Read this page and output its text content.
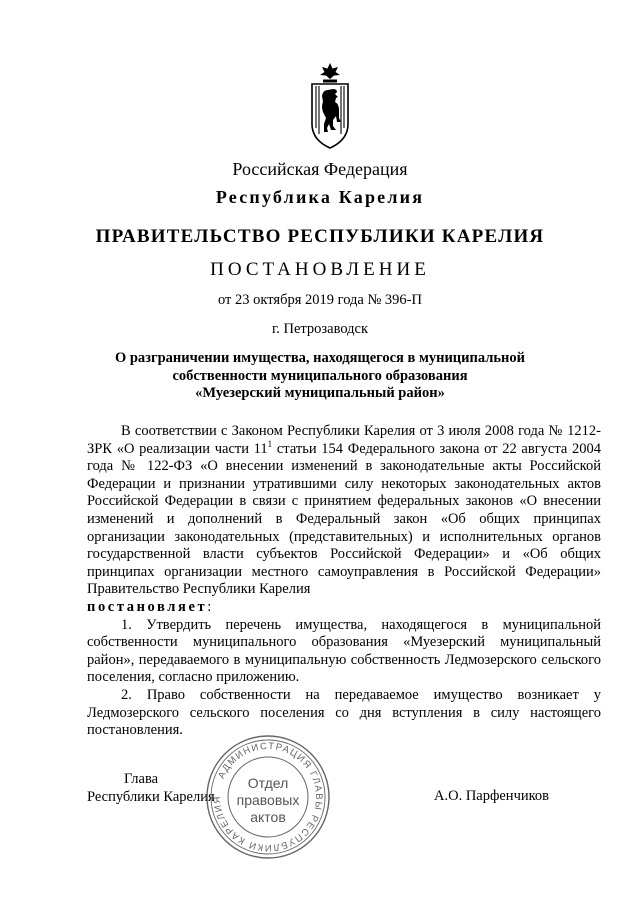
Российская Федерация
Республика Карелия
ПРАВИТЕЛЬСТВО РЕСПУБЛИКИ КАРЕЛИЯ
ПОСТАНОВЛЕНИЕ
от 23 октября 2019 года № 396-П
г. Петрозаводск
О разграничении имущества, находящегося в муниципальной
собственности муниципального образования
«Муезерский муниципальный район»

В соответствии с Законом Республики Карелия от 3 июля 2008 года № 1212-ЗРК «О реализации части $11^1$ статьи 154 Федерального закона от 22 августа 2004 года № 122-ФЗ «О внесении изменений в законодательные акты Российской Федерации и признании утратившими силу некоторых законодательных актов Российской Федерации в связи с принятием федеральных законов «О внесении изменений и дополнений в Федеральный закон «Об общих принципах организации законодательных (представительных) и исполнительных органов государственной власти субъектов Российской Федерации» и «Об общих принципах организации местного самоуправления в Российской Федерации» Правительство Республики Карелия

постановляет:

1. Утвердить перечень имущества, находящегося в муниципальной собственности муниципального образования «Муезерский муниципальный район», передаваемого в муниципальную собственность Ледмозерского сельского поселения, согласно приложению.

2. Право собственности на передаваемое имущество возникает у Ледмозерского сельского поселения со дня вступления в силу настоящего постановления.

Глава
Республики Карелия	А.О. Парфенчиков
АДМИНИСТРАЦИЯ ГЛАВЫ РЕСПУБЛИКИ КАРЕЛИЯ
Отдел
правовых
актов
